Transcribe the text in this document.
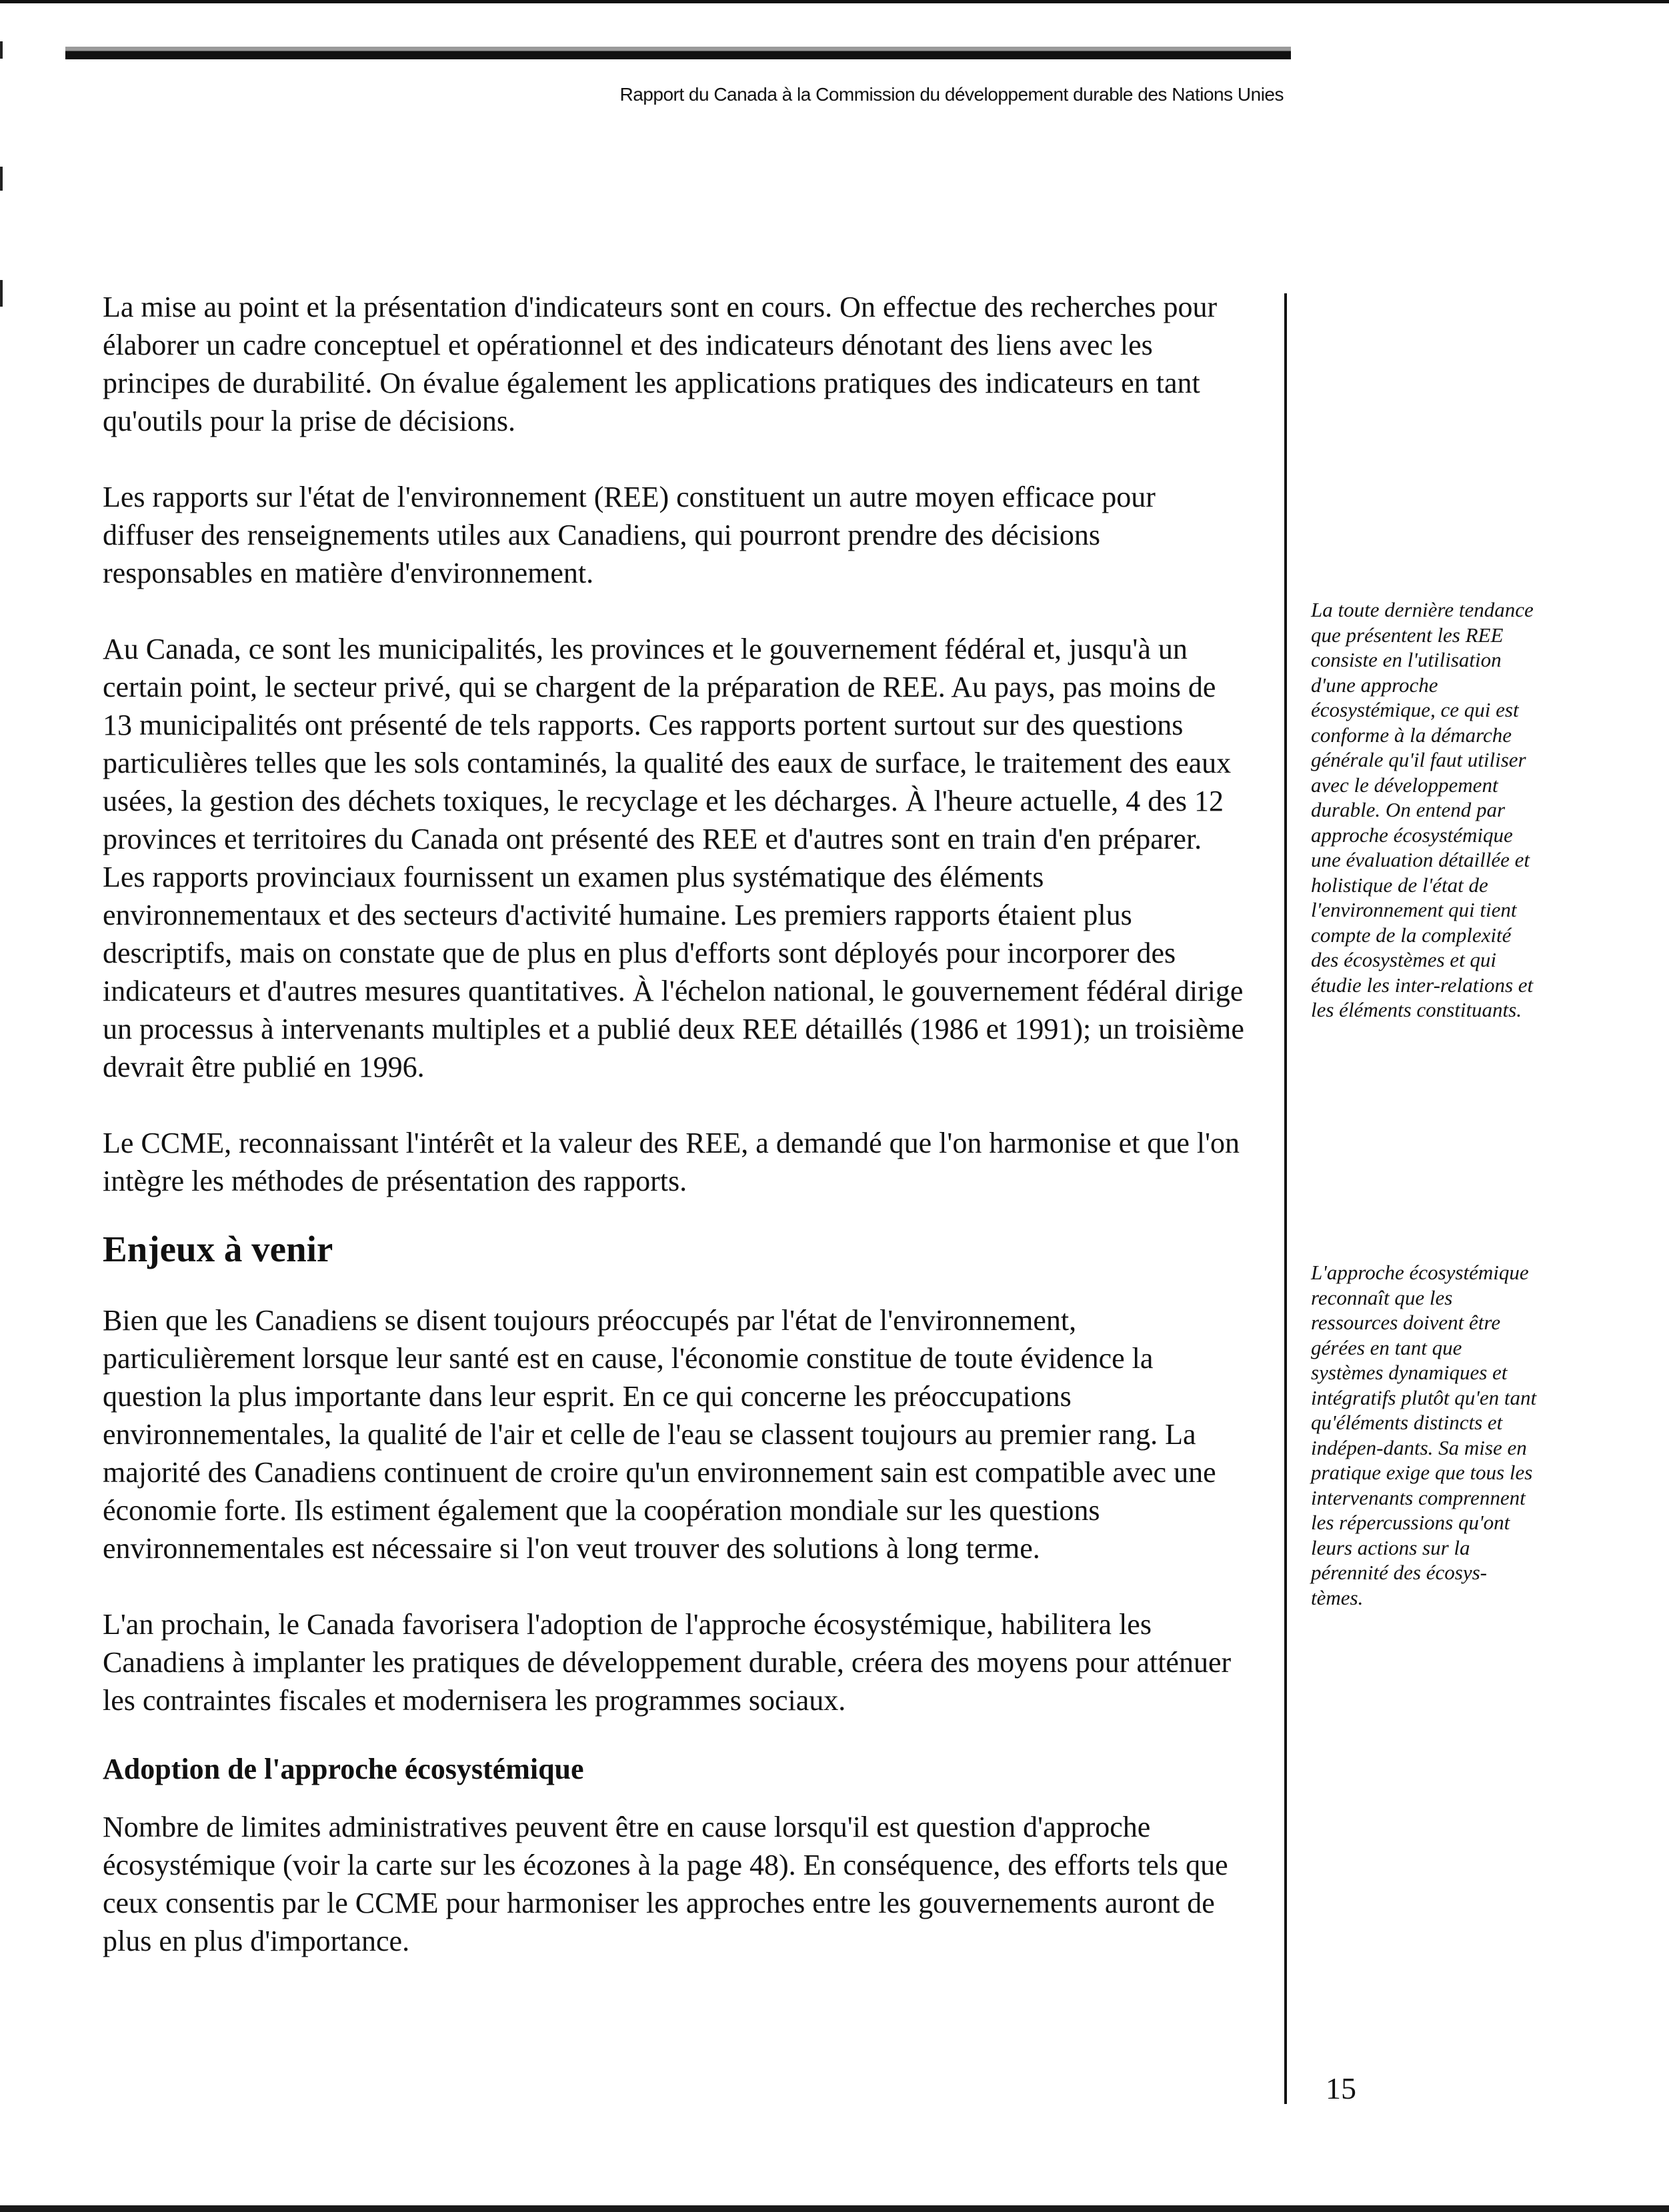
Rapport du Canada à la Commission du développement durable des Nations Unies

La mise au point et la présentation d'indicateurs sont en cours. On effectue des recherches pour élaborer un cadre conceptuel et opérationnel et des indicateurs dénotant des liens avec les principes de durabilité. On évalue également les applications pratiques des indicateurs en tant qu'outils pour la prise de décisions.

Les rapports sur l'état de l'environnement (REE) constituent un autre moyen efficace pour diffuser des renseignements utiles aux Canadiens, qui pourront prendre des décisions responsables en matière d'environnement.

Au Canada, ce sont les municipalités, les provinces et le gouvernement fédéral et, jusqu'à un certain point, le secteur privé, qui se chargent de la préparation de REE. Au pays, pas moins de 13 municipalités ont présenté de tels rapports. Ces rapports portent surtout sur des questions particulières telles que les sols contaminés, la qualité des eaux de surface, le traitement des eaux usées, la gestion des déchets toxiques, le recyclage et les décharges. À l'heure actuelle, 4 des 12 provinces et territoires du Canada ont présenté des REE et d'autres sont en train d'en préparer. Les rapports provinciaux fournissent un examen plus systématique des éléments environnementaux et des secteurs d'activité humaine. Les premiers rapports étaient plus descriptifs, mais on constate que de plus en plus d'efforts sont déployés pour incorporer des indicateurs et d'autres mesures quantitatives. À l'échelon national, le gouvernement fédéral dirige un processus à intervenants multiples et a publié deux REE détaillés (1986 et 1991); un troisième devrait être publié en 1996.

Le CCME, reconnaissant l'intérêt et la valeur des REE, a demandé que l'on harmonise et que l'on intègre les méthodes de présentation des rapports.

Enjeux à venir

Bien que les Canadiens se disent toujours préoccupés par l'état de l'environnement, particulièrement lorsque leur santé est en cause, l'économie constitue de toute évidence la question la plus importante dans leur esprit. En ce qui concerne les préoccupations environnementales, la qualité de l'air et celle de l'eau se classent toujours au premier rang. La majorité des Canadiens continuent de croire qu'un environnement sain est compatible avec une économie forte. Ils estiment également que la coopération mondiale sur les questions environnementales est nécessaire si l'on veut trouver des solutions à long terme.

L'an prochain, le Canada favorisera l'adoption de l'approche écosystémique, habilitera les Canadiens à implanter les pratiques de développement durable, créera des moyens pour atténuer les contraintes fiscales et modernisera les programmes sociaux.

Adoption de l'approche écosystémique

Nombre de limites administratives peuvent être en cause lorsqu'il est question d'approche écosystémique (voir la carte sur les écozones à la page 48). En conséquence, des efforts tels que ceux consentis par le CCME pour harmoniser les approches entre les gouvernements auront de plus en plus d'importance.

La toute dernière tendance que présentent les REE consiste en l'utilisation d'une approche écosystémique, ce qui est conforme à la démarche générale qu'il faut utiliser avec le développement durable. On entend par approche écosystémique une évaluation détaillée et holistique de l'état de l'environnement qui tient compte de la complexité des écosystèmes et qui étudie les inter-relations et les éléments constituants.
L'approche écosystémique reconnaît que les ressources doivent être gérées en tant que systèmes dynamiques et intégratifs plutôt qu'en tant qu'éléments distincts et indépen-dants. Sa mise en pratique exige que tous les intervenants comprennent les répercussions qu'ont leurs actions sur la pérennité des écosys-tèmes.
15
